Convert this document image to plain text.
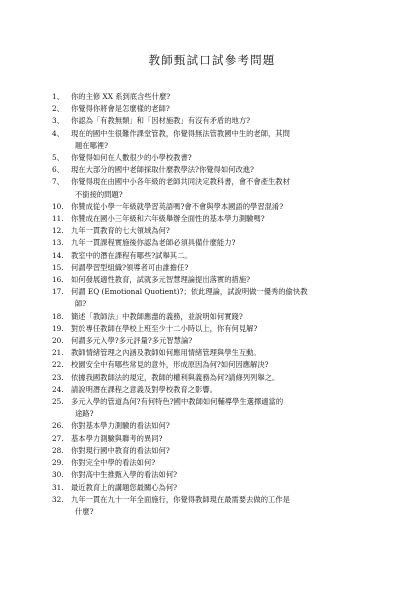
教師甄試口試參考問題
1、 你的主修 XX 系到底含些什麼?
2、 你覺得你將會是怎麼樣的老師?
3、 你認為「有教無類」和「因材施教」有沒有矛盾的地方?
4、 現在的國中生很難作課堂管教，你覺得無法管教國中生的老師，其問
題在哪裡?
5、 你覺得如何在人數很少的小學校教書?
6、 現在大部分的國中老師採取什麼教學法?你覺得如何改進?
7、 你覺得現在由國中小各年級的老師共同決定教科書，會不會產生教材
不銜接的問題?
10.	你贊成從小學一年級就學習英語嗎?會不會與學本國語的學習混淆?
11.	你贊成在國小三年級和六年級舉辦全面性的基本學力測驗嗎?
12.	九年一貫教育的七大領域為何?
13.	九年一貫課程實施後你認為老師必須具備什麼能力?
14.	教室中的潛在課程有哪些?試舉其二。
15.	何謂學習型組織?領導者可由誰擔任?
16.	如何發展適性教育，試就多元智慧理論提出落實的措施?
17.	何謂 EQ (Emotional Quotient)?；依此理論，試說明做一優秀的偷快教
師?
18.	簡述「教師法」中教師應盡的義務，並說明如何實踐?
19.	對於專任教師在學校上班至少十二小時以上，你有何見解?
20.	何謂多元入學?多元評量?多元智慧論?
21.	教師情緒管理之內涵及教師如何應用情緒管理與學生互動。
22.	校園安全中有哪些常見的意外，形成原因為何?如何因應解決?
23.	依據我國教師法的規定，教師的權利與義務為何?請條列列舉之。
24.	請說明潛在課程之意義及對學校教育之影響。
25.	多元入學的管道為何?有何特色?國中教師如何輔導學生選擇適當的
途路?
26.	你對基本學力測驗的看法如何?
27.	基本學力測驗與聯考的異同?
28.	你對現行國中教育的看法如何?
29.	你對完全中學的看法如何?
30.	你對高中生推甄入學的看法如何?
31.	最近教育上的講題您最關心為何?
32.	九年一貫在九十一年全面施行，你覺得教師現在最需要去做的工作是
什麼?
